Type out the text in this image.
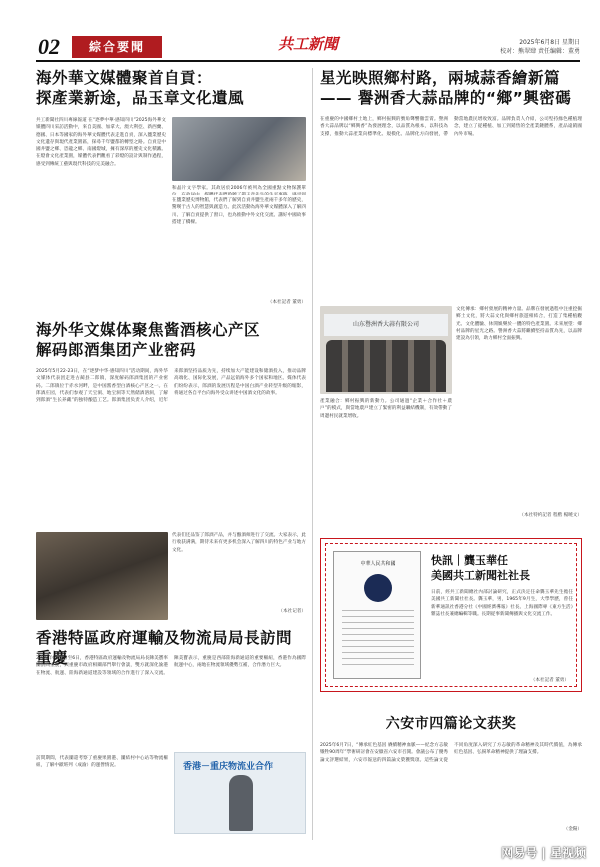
02	綜合要聞	共工新聞	2025年6月8日 星期日
校对：熊翠肆 责任编辑：董勇
海外華文媒體聚首自貢：
探產業新途，品玉章文化遺風
共工新聞社四川專線報道 在“逐夢中華·感知四川”2025海外華文媒體四川采訪活動中，來自美國、加拿大、澳大利亞、新西蘭、德國、日本等國家的海外華文媒體代表走進自貢，深入鹽業歷史文化遺存與現代產業園區，探尋千年鹽都的轉型之路。自貢是中國井鹽之鄉、恐龍之鄉、南國燈城，擁有深厚的歷史文化積澱。在燈會文化產業園，媒體代表們觀看了彩燈的設計與制作過程，感受到傳統工藝與現代科技的完美融合。
和晶片文字學家。其故居於2006年被列為全國重點文物保護單
在鹽業歷史博物館，代表們了解到自貢井鹽生產兩千多年的歷史，驚嘆于古人的智慧與創造力。此次活動為海外華文媒體深入了解四川、了解自貢提供了窗口，也為推動中外文化交流、講好中國故事搭建了橋樑。
（本社記者 董勇）
海外华文媒体聚焦酱酒核心产区
解码郎酒集团产业密码
2025年5月22-23日，在“逐梦中华·感知四川”活动期间，海外华文媒体代表团走进古蔺县二郎镇，深度解码郎酒集团的产业密码。二郎镇位于赤水河畔，是中国酱香型白酒核心产区之一。在郎酒庄园，代表们参观了天宝洞、地宝洞等天然储酒溶洞，了解到郎酒“生长养藏”的独特酿造工艺。郎酒集团负责人介绍，近年来郎酒坚持品质为先，持续加大产能建设和储酒投入，推动品牌高端化、国际化发展，产品远销海外多个国家和地区。媒体代表们纷纷表示，郎酒的发展历程是中国白酒产业转型升级的缩影，将通过各自平台向海外受众讲述中国酒文化的故事。
代表们还品鉴了郎酒产品，并与酿酒师进行了交流。大家表示，此行收获满满，期待未来有更多机会深入了解四川的特色产业与地方文化。
（本社记者）
香港特區政府運輸及物流局局長訪問重慶
2025年6月5日至6日，香港特區政府運輸及物流局局長陳美寶率團訪問重慶，與重慶市政府相關部門舉行會談，雙方就深化渝港在物流、航運、陸海新通道建設等領域的合作進行了深入交流。陳美寶表示，重慶是西部陸海新通道的重要樞紐，香港作為國際航運中心，兩地在物流領域優勢互補，合作潛力巨大。
訪問期間，代表團還考察了重慶果園港、團結村中心站等物流樞紐，了解中歐班列（成渝）的運營情況。	香港－重庆物流业合作
星光映照鄉村路，兩城蒜香繪新篇
—— 譽洲香大蒜品牌的“鄉”興密碼
在重慶的中國鄉村土地上，鄉村振興的號角聲響徹雲霄。譽洲香大蒜品牌以“鄉興香”為發展理念，以品質為根本，以科技為支撐，推動大蒜產業向標準化、規模化、品牌化方向發展，帶動當地農民增收致富。品牌負責人介紹，公司堅持綠色種植理念，建立了從種植、加工到銷售的全產業鏈體系，產品遠銷國內外市場。
山东譽洲香大蒜有限公司
產業融合：鄉村振興的新動力。公司通過“企業＋合作社＋農戶”的模式，與當地農戶建立了緊密的利益聯結機制，有效帶動了周邊村民就業增收。
文化傳承：鄉村發展的精神力量。品牌在發展過程中注重挖掘鄉土文化，將大蒜文化與鄉村旅遊相結合，打造了集種植觀光、文化體驗、休閒娛樂於一體的特色產業園。未來展望：鄉村品牌的星光之路。譽洲香大蒜將繼續堅持品質為先，以品牌建設為引領，助力鄉村全面振興。
（本社特約記者 程楷 楊曉文）
中華人民共和國	快訊｜龔玉華任
美國共工新聞社社長
日前，經共工新聞總社內部討論研究，正式決定任命龔玉華先生擔任美國共工新聞社社長。龔玉華，男，1965年9月生，大學學歷，曾任新華通訊社香港分社《中國經濟導報》社長、上海國際專《東方生活》雜誌社長兼總編輯等職。長期從事新聞傳播與文化交流工作。
（本社記者 董勇）
六安市四篇论文获奖
2025年6月7日，“傳承紅色基因 賡續精神血脈——紀念方志敏犧牲90周年”學術研討會在安徽省六安市召開。會議公布了優秀論文評選結果，六安市報送的四篇論文榮獲獎項。這些論文從不同角度深入研究了方志敏的革命精神及其時代價值，為傳承紅色基因、弘揚革命精神提供了理論支撐。
（金陽）
网易号 | 星视频
